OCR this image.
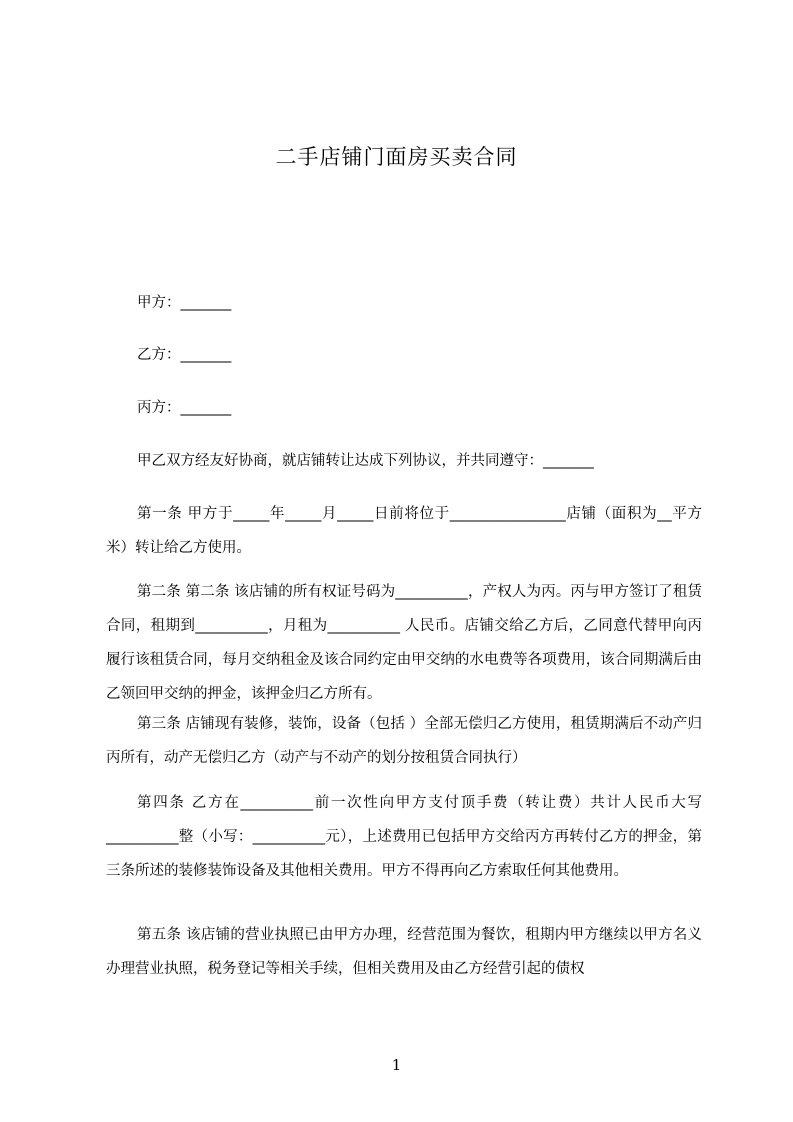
二手店铺门面房买卖合同
甲方：_______
乙方：_______
丙方：_______
甲乙双方经友好协商，就店铺转让达成下列协议，并共同遵守：_______
第一条 甲方于_____年_____月_____日前将位于________________店铺（面积为__平方米）转让给乙方使用。
第二条 第二条 该店铺的所有权证号码为__________，产权人为丙。丙与甲方签订了租赁合同，租期到__________，月租为__________ 人民币。店铺交给乙方后，乙同意代替甲向丙履行该租赁合同，每月交纳租金及该合同约定由甲交纳的水电费等各项费用，该合同期满后由乙领回甲交纳的押金，该押金归乙方所有。
第三条 店铺现有装修，装饰，设备（包括 ）全部无偿归乙方使用，租赁期满后不动产归丙所有，动产无偿归乙方（动产与不动产的划分按租赁合同执行）
第四条 乙方在__________前一次性向甲方支付顶手费（转让费）共计人民币大写__________整（小写：__________元），上述费用已包括甲方交给丙方再转付乙方的押金，第三条所述的装修装饰设备及其他相关费用。甲方不得再向乙方索取任何其他费用。
第五条 该店铺的营业执照已由甲方办理，经营范围为餐饮，租期内甲方继续以甲方名义办理营业执照，税务登记等相关手续，但相关费用及由乙方经营引起的债权
1
